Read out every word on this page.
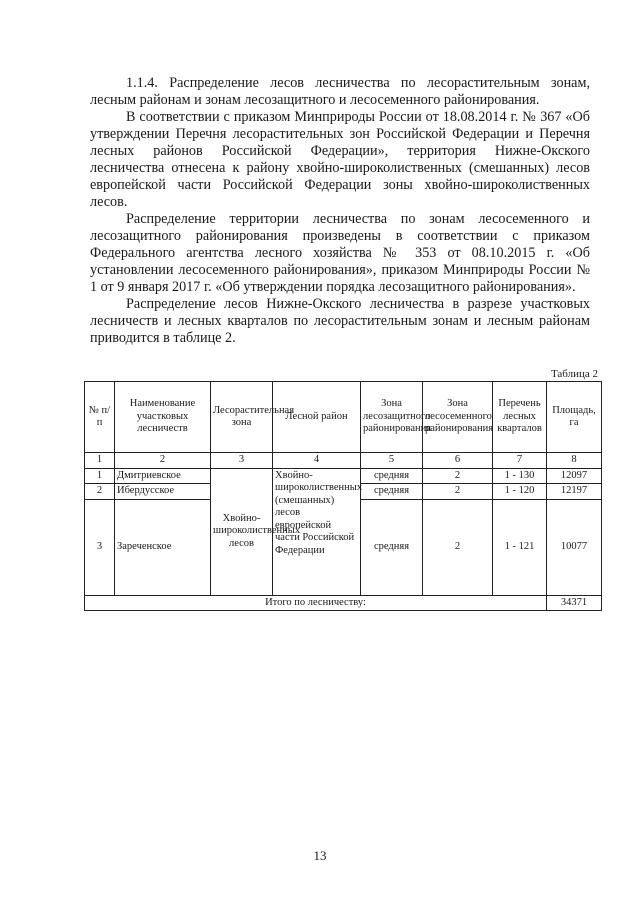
1.1.4. Распределение лесов лесничества по лесорастительным зонам, лесным районам и зонам лесозащитного и лесосеменного районирования.

В соответствии с приказом Минприроды России от 18.08.2014 г. № 367 «Об утверждении Перечня лесорастительных зон Российской Федерации и Перечня лесных районов Российской Федерации», территория Нижне-Окского лесничества отнесена к району хвойно-широколиственных (смешанных) лесов европейской части Российской Федерации зоны хвойно-широколиственных лесов.

Распределение территории лесничества по зонам лесосеменного и лесозащитного районирования произведены в соответствии с приказом Федерального агентства лесного хозяйства № 353 от 08.10.2015 г. «Об установлении лесосеменного районирования», приказом Минприроды России № 1 от 9 января 2017 г. «Об утверждении порядка лесозащитного районирования».

Распределение лесов Нижне-Окского лесничества в разрезе участковых лесничеств и лесных кварталов по лесорастительным зонам и лесным районам приводится в таблице 2.

Таблица 2
№ п/п	Наименование участковых лесничеств	Лесорастительная зона	Лесной район	Зона лесозащитного районирования	Зона лесосеменного районирования	Перечень лесных кварталов	Площадь, га
1	2	3	4	5	6	7	8
1	Дмитриевское	Хвойно-широколиственных лесов	Хвойно-широколиственных (смешанных) лесов европейской части Российской Федерации	средняя	2	1 - 130	12097
2	Ибердусское			средняя	2	1 - 120	12197
3	Зареченское			средняя	2	1 - 121	10077
Итого по лесничеству:							34371
13
